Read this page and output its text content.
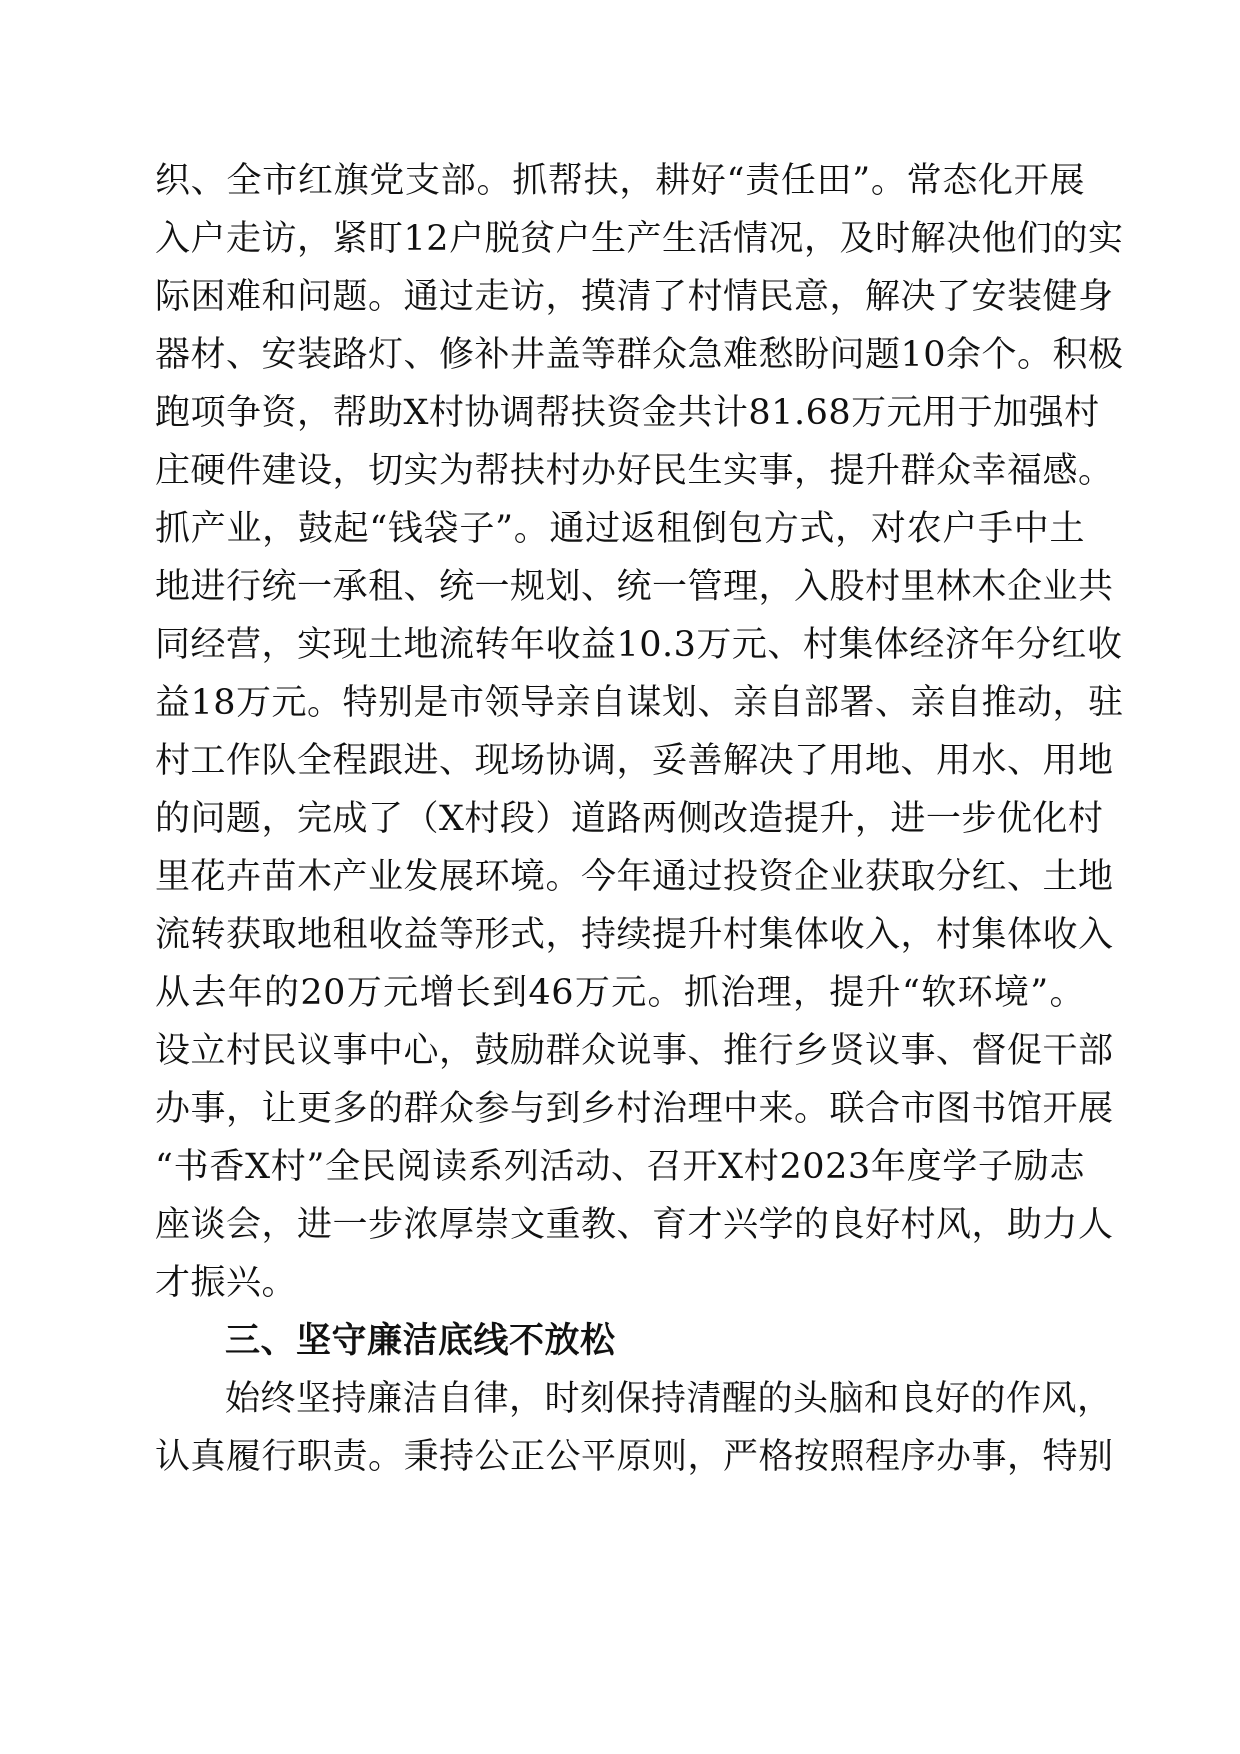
织、全市红旗党支部。抓帮扶，耕好“责任田”。常态化开展
入户走访，紧盯12户脱贫户生产生活情况，及时解决他们的实
际困难和问题。通过走访，摸清了村情民意，解决了安装健身
器材、安装路灯、修补井盖等群众急难愁盼问题10余个。积极
跑项争资，帮助X村协调帮扶资金共计81.68万元用于加强村
庄硬件建设，切实为帮扶村办好民生实事，提升群众幸福感。
抓产业，鼓起“钱袋子”。通过返租倒包方式，对农户手中土
地进行统一承租、统一规划、统一管理，入股村里林木企业共
同经营，实现土地流转年收益10.3万元、村集体经济年分红收
益18万元。特别是市领导亲自谋划、亲自部署、亲自推动，驻
村工作队全程跟进、现场协调，妥善解决了用地、用水、用地
的问题，完成了（X村段）道路两侧改造提升，进一步优化村
里花卉苗木产业发展环境。今年通过投资企业获取分红、土地
流转获取地租收益等形式，持续提升村集体收入，村集体收入
从去年的20万元增长到46万元。抓治理，提升“软环境”。
设立村民议事中心，鼓励群众说事、推行乡贤议事、督促干部
办事，让更多的群众参与到乡村治理中来。联合市图书馆开展
“书香X村”全民阅读系列活动、召开X村2023年度学子励志
座谈会，进一步浓厚崇文重教、育才兴学的良好村风，助力人
才振兴。
三、坚守廉洁底线不放松
始终坚持廉洁自律，时刻保持清醒的头脑和良好的作风，
认真履行职责。秉持公正公平原则，严格按照程序办事，特别
